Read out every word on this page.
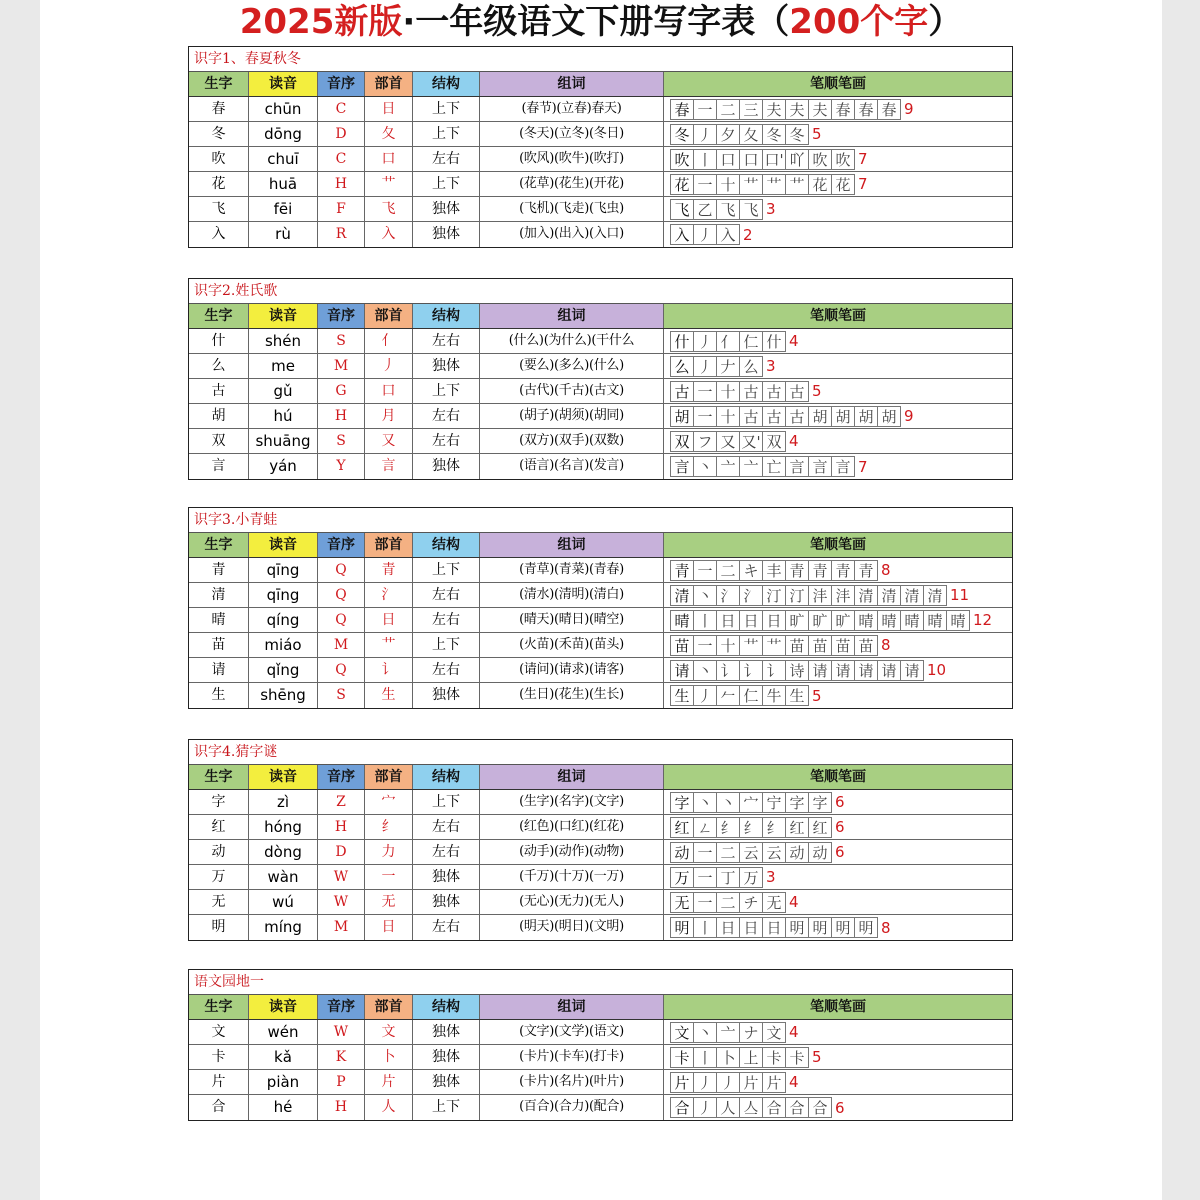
2025新版·一年级语文下册写字表（200个字）
识字1、春夏秋冬
生字	读音	音序	部首	结构	组词	笔顺笔画
春	chūn	C	日	上下	(春节)(立春)春天)	春 一 二 三 夫 夫 夫 春 春 春 9
冬	dōng	D	夂	上下	(冬天)(立冬)(冬日)	冬 丿 夕 夂 冬 冬 5
吹	chuī	C	口	左右	(吹风)(吹牛)(吹打)	吹 丨 口 口 口' 吖 吹 吹 7
花	huā	H	艹	上下	(花草)(花生)(开花)	花 一 十 艹 艹 艹 花 花 7
飞	fēi	F	飞	独体	(飞机)(飞走)(飞虫)	飞 乙 飞 飞 3
入	rù	R	入	独体	(加入)(出入)(入口)	入 丿 入 2
识字2.姓氏歌
生字	读音	音序	部首	结构	组词	笔顺笔画
什	shén	S	亻	左右	(什么)(为什么)(干什么	什 丿 亻 仁 什 4
么	me	M	丿	独体	(要么)(多么)(什么)	么 丿 𠂇 么 3
古	gǔ	G	口	上下	(古代)(千古)(古文)	古 一 十 古 古 古 5
胡	hú	H	月	左右	(胡子)(胡须)(胡同)	胡 一 十 古 古 古 胡 胡 胡 胡 9
双	shuāng	S	又	左右	(双方)(双手)(双数)	双 フ 又 又' 双 4
言	yán	Y	言	独体	(语言)(名言)(发言)	言 丶 亠 亠 亡 言 言 言 7
识字3.小青蛙
生字	读音	音序	部首	结构	组词	笔顺笔画
青	qīng	Q	青	上下	(青草)(青菜)(青春)	青 一 二 キ 丰 青 青 青 青 8
清	qīng	Q	氵	左右	(清水)(清明)(清白)	清 丶 氵 氵 汀 汀 沣 沣 清 清 清 清 11
晴	qíng	Q	日	左右	(晴天)(晴日)(晴空)	晴 丨 日 日 日 旷 旷 旷 晴 晴 晴 晴 晴 12
苗	miáo	M	艹	上下	(火苗)(禾苗)(苗头)	苗 一 十 艹 艹 苗 苗 苗 苗 8
请	qǐng	Q	讠	左右	(请问)(请求)(请客)	请 丶 讠 讠 讠 诗 请 请 请 请 请 10
生	shēng	S	生	独体	(生日)(花生)(生长)	生 丿 𠂉 仁 牛 生 5
识字4.猜字谜
生字	读音	音序	部首	结构	组词	笔顺笔画
字	zì	Z	宀	上下	(生字)(名字)(文字)	字 丶 丶 宀 宁 字 字 6
红	hóng	H	纟	左右	(红色)(口红)(红花)	红 ㄥ 纟 纟 纟 红 红 6
动	dòng	D	力	左右	(动手)(动作)(动物)	动 一 二 云 云 动 动 6
万	wàn	W	一	独体	(千万)(十万)(一万)	万 一 丁 万 3
无	wú	W	无	独体	(无心)(无力)(无人)	无 一 二 チ 无 4
明	míng	M	日	左右	(明天)(明日)(文明)	明 丨 日 日 日 明 明 明 明 8
语文园地一
生字	读音	音序	部首	结构	组词	笔顺笔画
文	wén	W	文	独体	(文字)(文学)(语文)	文 丶 亠 ナ 文 4
卡	kǎ	K	卜	独体	(卡片)(卡车)(打卡)	卡 丨 卜 上 卡 卡 5
片	piàn	P	片	独体	(卡片)(名片)(叶片)	片 丿 丿 片 片 4
合	hé	H	人	上下	(百合)(合力)(配合)	合 丿 人 亼 合 合 合 6
